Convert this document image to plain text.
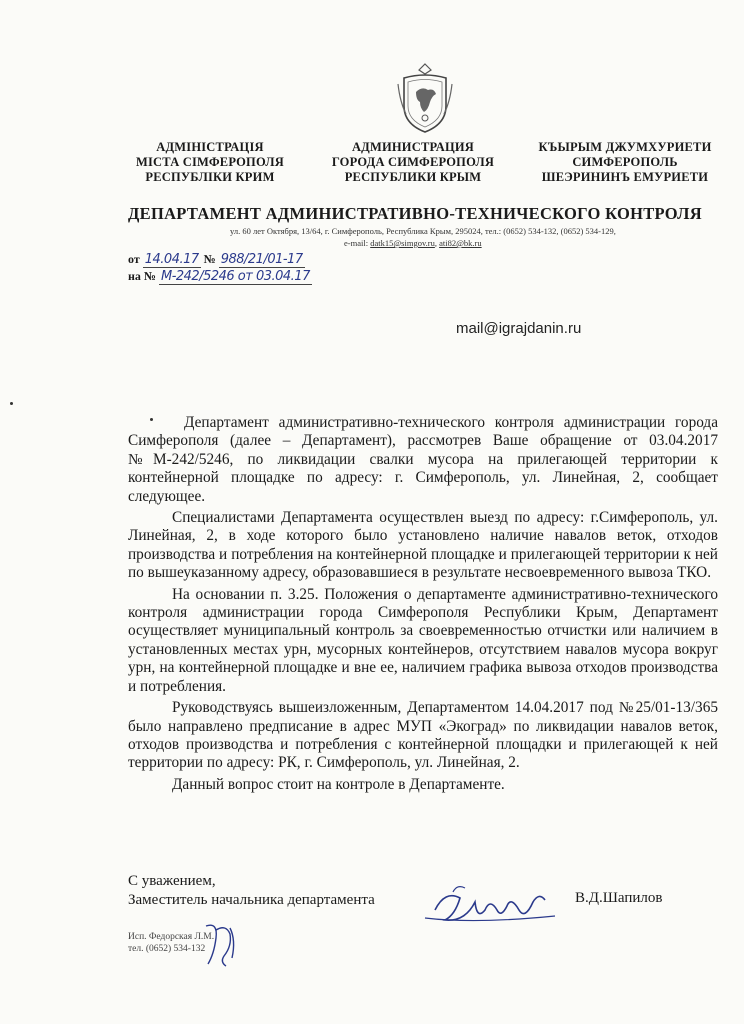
АДМІНІСТРАЦІЯ
МІСТА СІМФЕРОПОЛЯ
РЕСПУБЛІКИ КРИМ
АДМИНИСТРАЦИЯ
ГОРОДА СИМФЕРОПОЛЯ
РЕСПУБЛИКИ КРЫМ
КЪЫРЫМ ДЖУМХУРИЕТИ
СИМФЕРОПОЛЬ
ШЕЭРИНИНЪ ЕМУРИЕТИ
ДЕПАРТАМЕНТ АДМИНИСТРАТИВНО-ТЕХНИЧЕСКОГО КОНТРОЛЯ
ул. 60 лет Октября, 13/64, г. Симферополь, Республика Крым, 295024, тел.: (0652) 534-132, (0652) 534-129,
e-mail: datk15@simgov.ru, ati82@bk.ru
от 14.04.17 № 988/21/01-17
на № М-242/5246 от 03.04.17
mail@igrajdanin.ru

Департамент административно-технического контроля администрации города Симферополя (далее – Департамент), рассмотрев Ваше обращение от 03.04.2017 №М-242/5246, по ликвидации свалки мусора на прилегающей территории к контейнерной площадке по адресу: г. Симферополь, ул. Линейная, 2, сообщает следующее.

Специалистами Департамента осуществлен выезд по адресу: г.Симферополь, ул. Линейная, 2, в ходе которого было установлено наличие навалов веток, отходов производства и потребления на контейнерной площадке и прилегающей территории к ней по вышеуказанному адресу, образовавшиеся в результате несвоевременного вывоза ТКО.

На основании п. 3.25. Положения о департаменте административно-технического контроля администрации города Симферополя Республики Крым, Департамент осуществляет муниципальный контроль за своевременностью отчистки или наличием в установленных местах урн, мусорных контейнеров, отсутствием навалов мусора вокруг урн, на контейнерной площадке и вне ее, наличием графика вывоза отходов производства и потребления.

Руководствуясь вышеизложенным, Департаментом 14.04.2017 под №25/01-13/365 было направлено предписание в адрес МУП «Экоград» по ликвидации навалов веток, отходов производства и потребления с контейнерной площадки и прилегающей к ней территории по адресу: РК, г. Симферополь, ул. Линейная, 2.

Данный вопрос стоит на контроле в Департаменте.

С уважением,
Заместитель начальника департамента	В.Д.Шапилов
Исп. Федорская Л.М.
тел. (0652) 534-132
